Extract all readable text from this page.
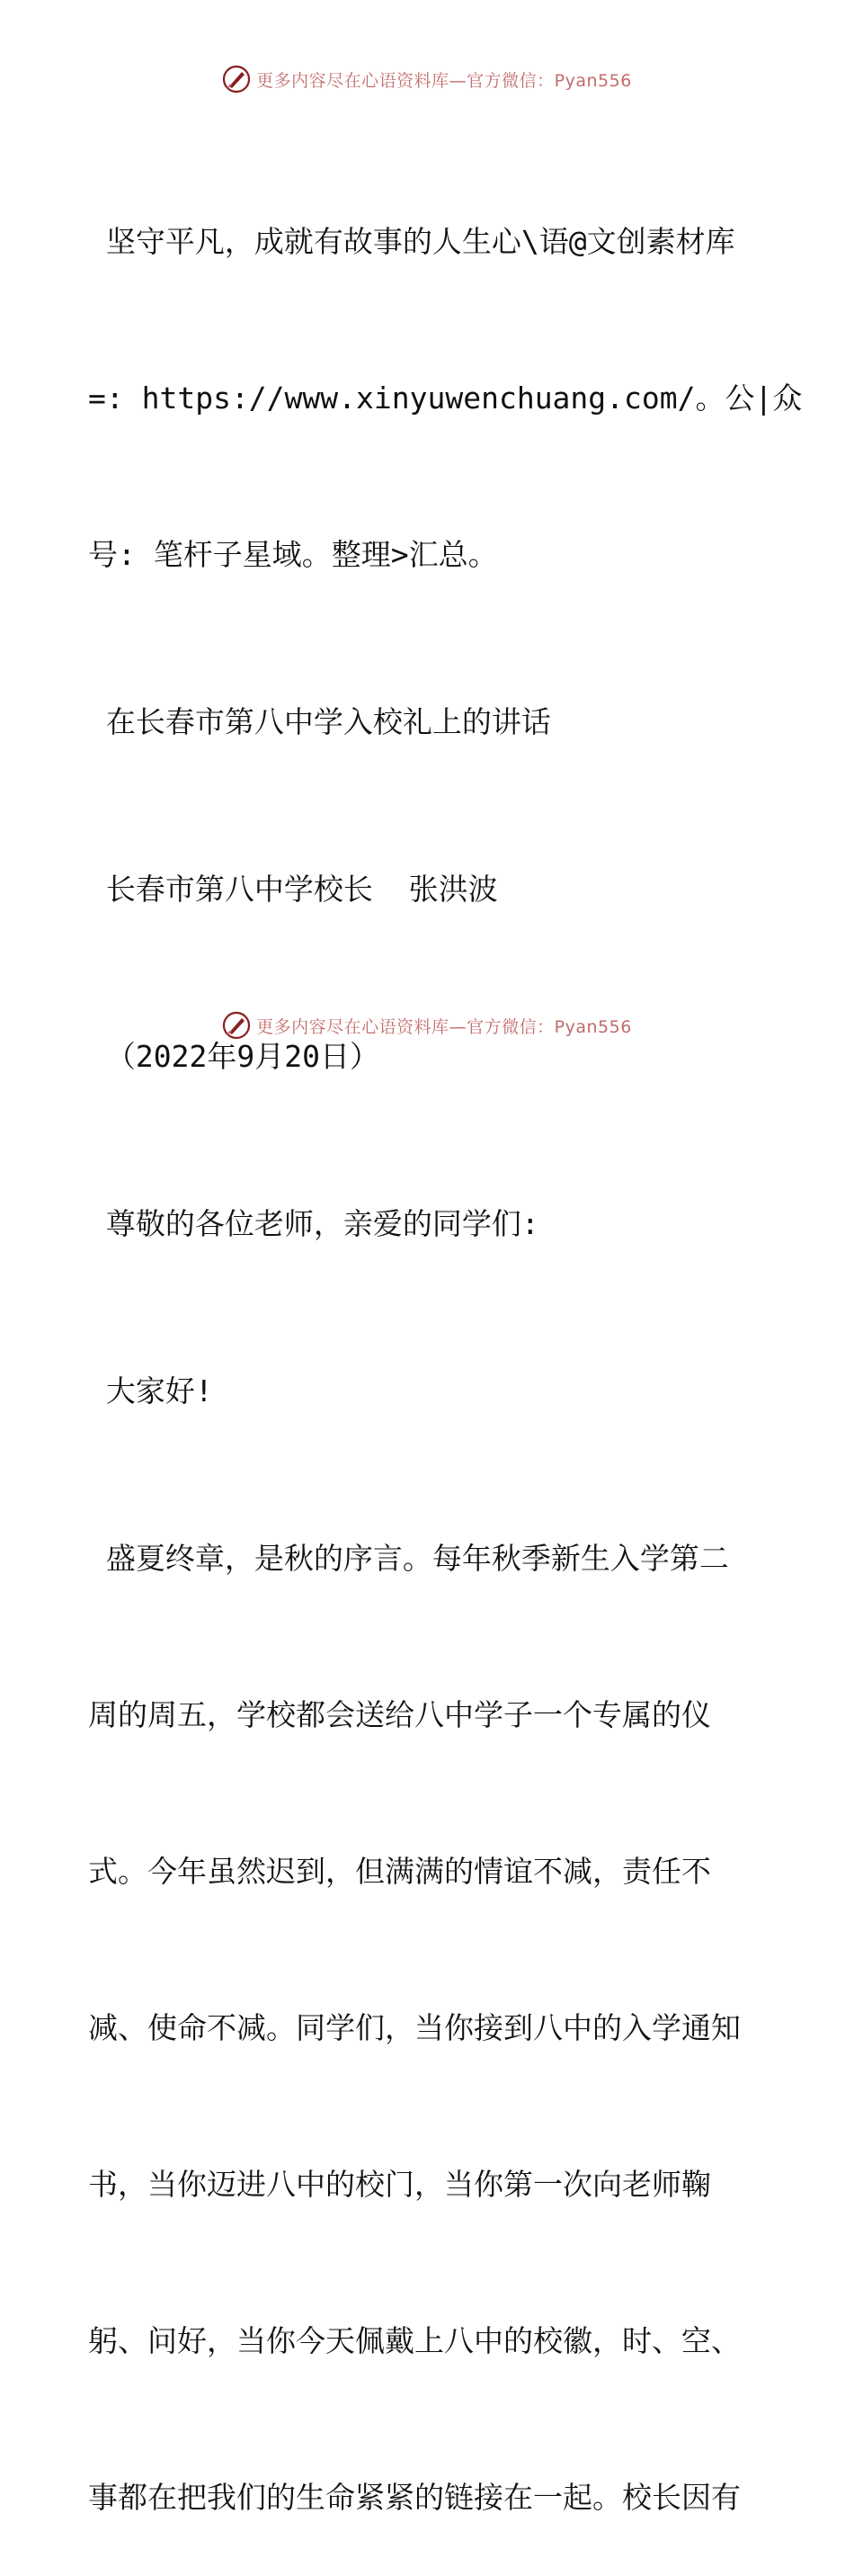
更多内容尽在心语资料库—官方微信：Pyan556

坚守平凡，成就有故事的人生心\语@文创素材库

=: https://www.xinyuwenchuang.com/。公|众

号: 笔杆子星域。整理>汇总。

在长春市第八中学入校礼上的讲话

长春市第八中学校长  张洪波

（2022年9月20日）

尊敬的各位老师，亲爱的同学们:

大家好!

盛夏终章，是秋的序言。每年秋季新生入学第二

周的周五，学校都会送给八中学子一个专属的仪

式。今年虽然迟到，但满满的情谊不减，责任不

减、使命不减。同学们，当你接到八中的入学通知

书，当你迈进八中的校门，当你第一次向老师鞠

躬、问好，当你今天佩戴上八中的校徽，时、空、

事都在把我们的生命紧紧的链接在一起。校长因有

更多内容尽在心语资料库—官方微信：Pyan556
